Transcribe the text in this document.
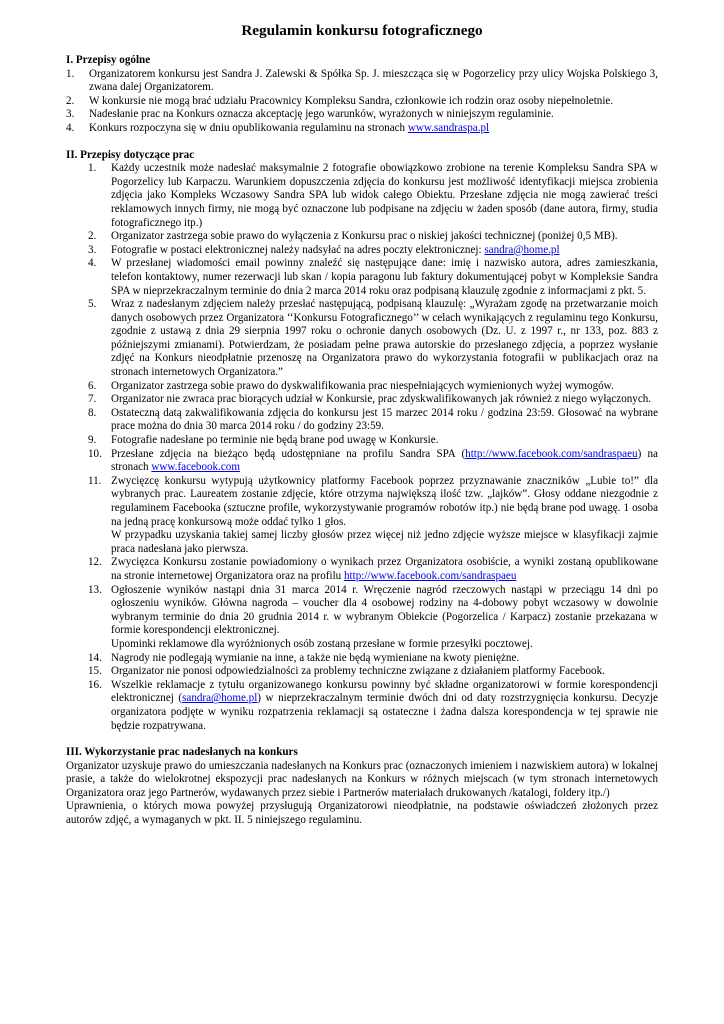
Regulamin konkursu fotograficznego

I. Przepisy ogólne

1. Organizatorem konkursu jest Sandra J. Zalewski & Spółka Sp. J. mieszcząca się w Pogorzelicy przy ulicy Wojska Polskiego 3, zwana dalej Organizatorem.
2. W konkursie nie mogą brać udziału Pracownicy Kompleksu Sandra, członkowie ich rodzin oraz osoby niepełnoletnie.
3. Nadesłanie prac na Konkurs oznacza akceptację jego warunków, wyrażonych w niniejszym regulaminie.
4. Konkurs rozpoczyna się w dniu opublikowania regulaminu na stronach www.sandraspa.pl

II. Przepisy dotyczące prac

1. Każdy uczestnik może nadesłać maksymalnie 2 fotografie obowiązkowo zrobione na terenie Kompleksu Sandra SPA w Pogorzelicy lub Karpaczu. Warunkiem dopuszczenia zdjęcia do konkursu jest możliwość identyfikacji miejsca zrobienia zdjęcia jako Kompleks Wczasowy Sandra SPA lub widok całego Obiektu. Przesłane zdjęcia nie mogą zawierać treści reklamowych innych firmy, nie mogą być oznaczone lub podpisane na zdjęciu w żaden sposób (dane autora, firmy, studia fotograficznego itp.)
2. Organizator zastrzega sobie prawo do wyłączenia z Konkursu prac o niskiej jakości technicznej (poniżej 0,5 MB).
3. Fotografie w postaci elektronicznej należy nadsyłać na adres poczty elektronicznej: sandra@home.pl
4. W przesłanej wiadomości email powinny znaleźć się następujące dane: imię i nazwisko autora, adres zamieszkania, telefon kontaktowy, numer rezerwacji lub skan / kopia paragonu lub faktury dokumentującej pobyt w Kompleksie Sandra SPA w nieprzekraczalnym terminie do dnia 2 marca 2014 roku oraz podpisaną klauzulę zgodnie z informacjami z pkt. 5.
5. Wraz z nadesłanym zdjęciem należy przesłać następującą, podpisaną klauzulę: „Wyrażam zgodę na przetwarzanie moich danych osobowych przez Organizatora ‘‘Konkursu Fotograficznego’’ w celach wynikających z regulaminu tego Konkursu, zgodnie z ustawą z dnia 29 sierpnia 1997 roku o ochronie danych osobowych (Dz. U. z 1997 r., nr 133, poz. 883 z późniejszymi zmianami). Potwierdzam, że posiadam pełne prawa autorskie do przesłanego zdjęcia, a poprzez wysłanie zdjęć na Konkurs nieodpłatnie przenoszę na Organizatora prawo do wykorzystania fotografii w publikacjach oraz na stronach internetowych Organizatora.”
6. Organizator zastrzega sobie prawo do dyskwalifikowania prac niespełniających wymienionych wyżej wymogów.
7. Organizator nie zwraca prac biorących udział w Konkursie, prac zdyskwalifikowanych jak również z niego wyłączonych.
8. Ostateczną datą zakwalifikowania zdjęcia do konkursu jest 15 marzec 2014 roku / godzina 23:59. Głosować na wybrane prace można do dnia 30 marca 2014 roku / do godziny 23:59.
9. Fotografie nadesłane po terminie nie będą brane pod uwagę w Konkursie.
10. Przesłane zdjęcia na bieżąco będą udostępniane na profilu Sandra SPA (http://www.facebook.com/sandraspaeu) na stronach www.facebook.com
11. Zwycięzcę konkursu wytypują użytkownicy platformy Facebook poprzez przyznawanie znaczników „Lubie to!” dla wybranych prac. Laureatem zostanie zdjęcie, które otrzyma największą ilość tzw. „lajków”. Głosy oddane niezgodnie z regulaminem Facebooka (sztuczne profile, wykorzystywanie programów robotów itp.) nie będą brane pod uwagę. 1 osoba na jedną pracę konkursową może oddać tylko 1 głos.
W przypadku uzyskania takiej samej liczby głosów przez więcej niż jedno zdjęcie wyższe miejsce w klasyfikacji zajmie praca nadesłana jako pierwsza.
12. Zwycięzca Konkursu zostanie powiadomiony o wynikach przez Organizatora osobiście, a wyniki zostaną opublikowane na stronie internetowej Organizatora oraz na profilu http://www.facebook.com/sandraspaeu
13. Ogłoszenie wyników nastąpi dnia 31 marca 2014 r. Wręczenie nagród rzeczowych nastąpi w przeciągu 14 dni po ogłoszeniu wyników. Główna nagroda – voucher dla 4 osobowej rodziny na 4-dobowy pobyt wczasowy w dowolnie wybranym terminie do dnia 20 grudnia 2014 r. w wybranym Obiekcie (Pogorzelica / Karpacz) zostanie przekazana w formie korespondencji elektronicznej.
Upominki reklamowe dla wyróżnionych osób zostaną przesłane w formie przesyłki pocztowej.
14. Nagrody nie podlegają wymianie na inne, a także nie będą wymieniane na kwoty pieniężne.
15. Organizator nie ponosi odpowiedzialności za problemy techniczne związane z działaniem platformy Facebook.
16. Wszelkie reklamacje z tytułu organizowanego konkursu powinny być składne organizatorowi w formie korespondencji elektronicznej (sandra@home.pl) w nieprzekraczalnym terminie dwóch dni od daty rozstrzygnięcia konkursu. Decyzje organizatora podjęte w wyniku rozpatrzenia reklamacji są ostateczne i żadna dalsza korespondencja w tej sprawie nie będzie rozpatrywana.

III. Wykorzystanie prac nadesłanych na konkurs

Organizator uzyskuje prawo do umieszczania nadesłanych na Konkurs prac (oznaczonych imieniem i nazwiskiem autora) w lokalnej prasie, a także do wielokrotnej ekspozycji prac nadesłanych na Konkurs w różnych miejscach (w tym stronach internetowych Organizatora oraz jego Partnerów, wydawanych przez siebie i Partnerów materiałach drukowanych /katalogi, foldery itp./)

Uprawnienia, o których mowa powyżej przysługują Organizatorowi nieodpłatnie, na podstawie oświadczeń złożonych przez autorów zdjęć, a wymaganych w pkt. II. 5 niniejszego regulaminu.
